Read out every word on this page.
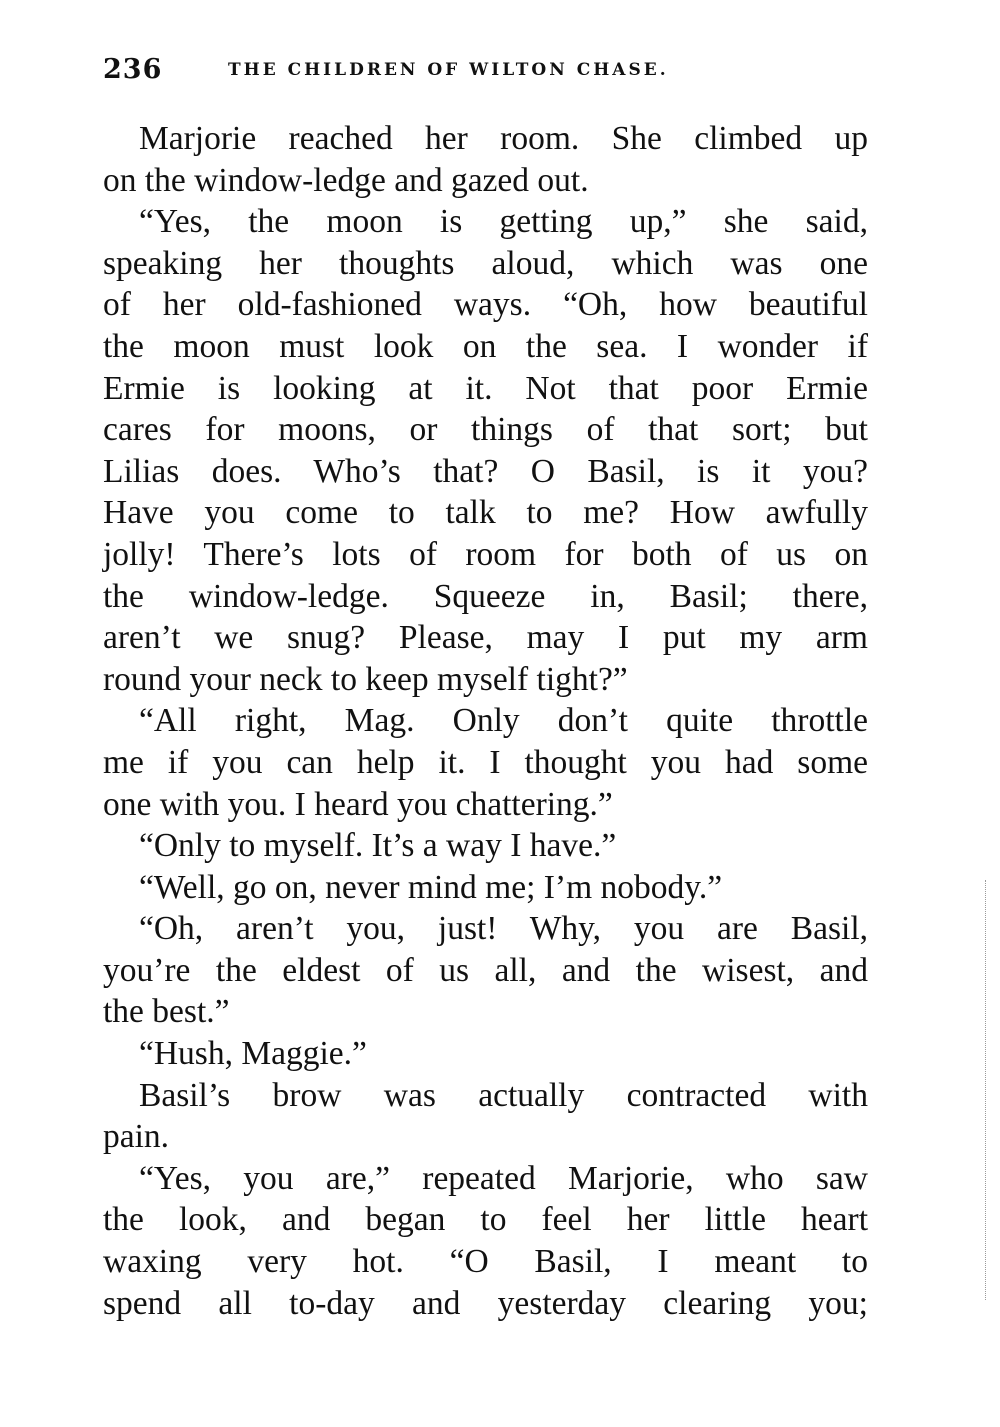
236	THE CHILDREN OF WILTON CHASE.
Marjorie reached her room. She climbed up
on the window-ledge and gazed out.
“Yes, the moon is getting up,” she said,
speaking her thoughts aloud, which was one
of her old-fashioned ways. “Oh, how beautiful
the moon must look on the sea. I wonder if
Ermie is looking at it. Not that poor Ermie
cares for moons, or things of that sort; but
Lilias does. Who’s that? O Basil, is it you?
Have you come to talk to me? How awfully
jolly! There’s lots of room for both of us on
the window-ledge. Squeeze in, Basil; there,
aren’t we snug? Please, may I put my arm
round your neck to keep myself tight?”
“All right, Mag. Only don’t quite throttle
me if you can help it. I thought you had some
one with you. I heard you chattering.”
“Only to myself. It’s a way I have.”
“Well, go on, never mind me; I’m nobody.”
“Oh, aren’t you, just! Why, you are Basil,
you’re the eldest of us all, and the wisest, and
the best.”
“Hush, Maggie.”
Basil’s brow was actually contracted with
pain.
“Yes, you are,” repeated Marjorie, who saw
the look, and began to feel her little heart
waxing very hot. “O Basil, I meant to
spend all to-day and yesterday clearing you;
